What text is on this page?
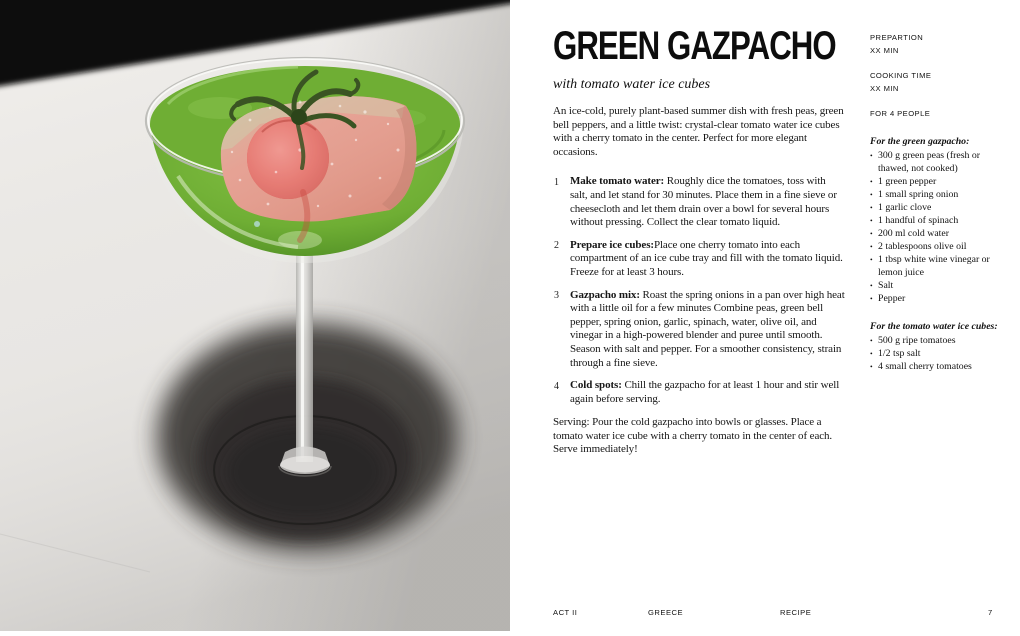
GREEN GAZPACHO
with tomato water ice cubes

An ice-cold, purely plant-based summer dish with fresh peas, green bell peppers, and a little twist: crystal-clear tomato water ice cubes with a cherry tomato in the center. Perfect for more elegant occasions.

1 Make tomato water: Roughly dice the tomatoes, toss with salt, and let stand for 30 minutes. Place them in a fine sieve or cheesecloth and let them drain over a bowl for several hours without pressing. Collect the clear tomato liquid.
2 Prepare ice cubes:Place one cherry tomato into each compartment of an ice cube tray and fill with the tomato liquid. Freeze for at least 3 hours.
3 Gazpacho mix: Roast the spring onions in a pan over high heat with a little oil for a few minutes Combine peas, green bell pepper, spring onion, garlic, spinach, water, olive oil, and vinegar in a high-powered blender and puree until smooth. Season with salt and pepper. For a smoother consistency, strain through a fine sieve.
4 Cold spots: Chill the gazpacho for at least 1 hour and stir well again before serving.

Serving: Pour the cold gazpacho into bowls or glasses. Place a tomato water ice cube with a cherry tomato in the center of each.
Serve immediately!

PREPARTION
XX MIN
COOKING TIME
XX MIN
FOR 4 PEOPLE
For the green gazpacho:
• 300 g green peas (fresh or thawed, not cooked)
• 1 green pepper
• 1 small spring onion
• 1 garlic clove
• 1 handful of spinach
• 200 ml cold water
• 2 tablespoons olive oil
• 1 tbsp white wine vinegar or lemon juice
• Salt
• Pepper
For the tomato water ice cubes:
• 500 g ripe tomatoes
• 1/2 tsp salt
• 4 small cherry tomatoes
ACT II	GREECE	RECIPE	7
